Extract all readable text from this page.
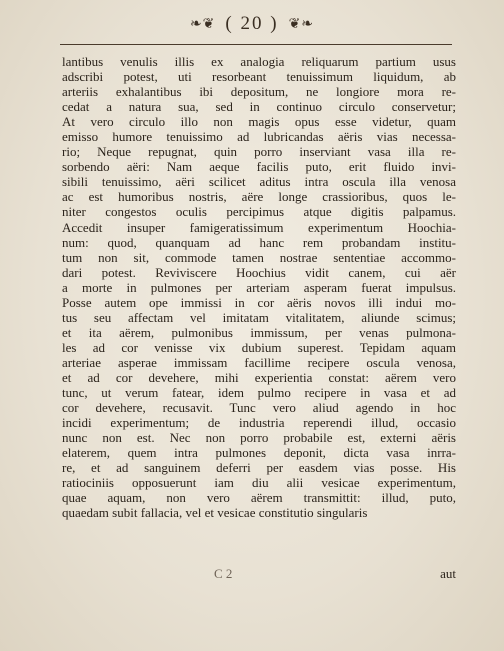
❧❦ ( 20 ) ❦❧
lantibus venulis illis ex analogia reliquarum partium usus
adscribi potest, uti resorbeant tenuissimum liquidum, ab
arteriis exhalantibus ibi depositum, ne longiore mora re-
cedat a natura sua, sed in continuo circulo conservetur;
At vero circulo illo non magis opus esse videtur, quam
emisso humore tenuissimo ad lubricandas aëris vias necessa-
rio; Neque repugnat, quin porro inserviant vasa illa re-
sorbendo aëri: Nam aeque facilis puto, erit fluido invi-
sibili tenuissimo, aëri scilicet aditus intra oscula illa venosa
ac est humoribus nostris, aëre longe crassioribus, quos le-
niter congestos oculis percipimus atque digitis palpamus.
Accedit insuper famigeratissimum experimentum Hoochia-
num: quod, quanquam ad hanc rem probandam institu-
tum non sit, commode tamen nostrae sententiae accommo-
dari potest. Reviviscere Hoochius vidit canem, cui aër
a morte in pulmones per arteriam asperam fuerat impulsus.
Posse autem ope immissi in cor aëris novos illi indui mo-
tus seu affectam vel imitatam vitalitatem, aliunde scimus;
et ita aërem, pulmonibus immissum, per venas pulmona-
les ad cor venisse vix dubium superest. Tepidam aquam
arteriae asperae immissam facillime recipere oscula venosa,
et ad cor devehere, mihi experientia constat: aërem vero
tunc, ut verum fatear, idem pulmo recipere in vasa et ad
cor devehere, recusavit. Tunc vero aliud agendo in hoc
incidi experimentum; de industria reperendi illud, occasio
nunc non est. Nec non porro probabile est, externi aëris
elaterem, quem intra pulmones deponit, dicta vasa inrra-
re, et ad sanguinem deferri per easdem vias posse. His
ratiociniis opposuerunt iam diu alii vesicae experimentum,
quae aquam, non vero aërem transmittit: illud, puto,
quaedam subit fallacia, vel et vesicae constitutio singularis
C 2	aut
